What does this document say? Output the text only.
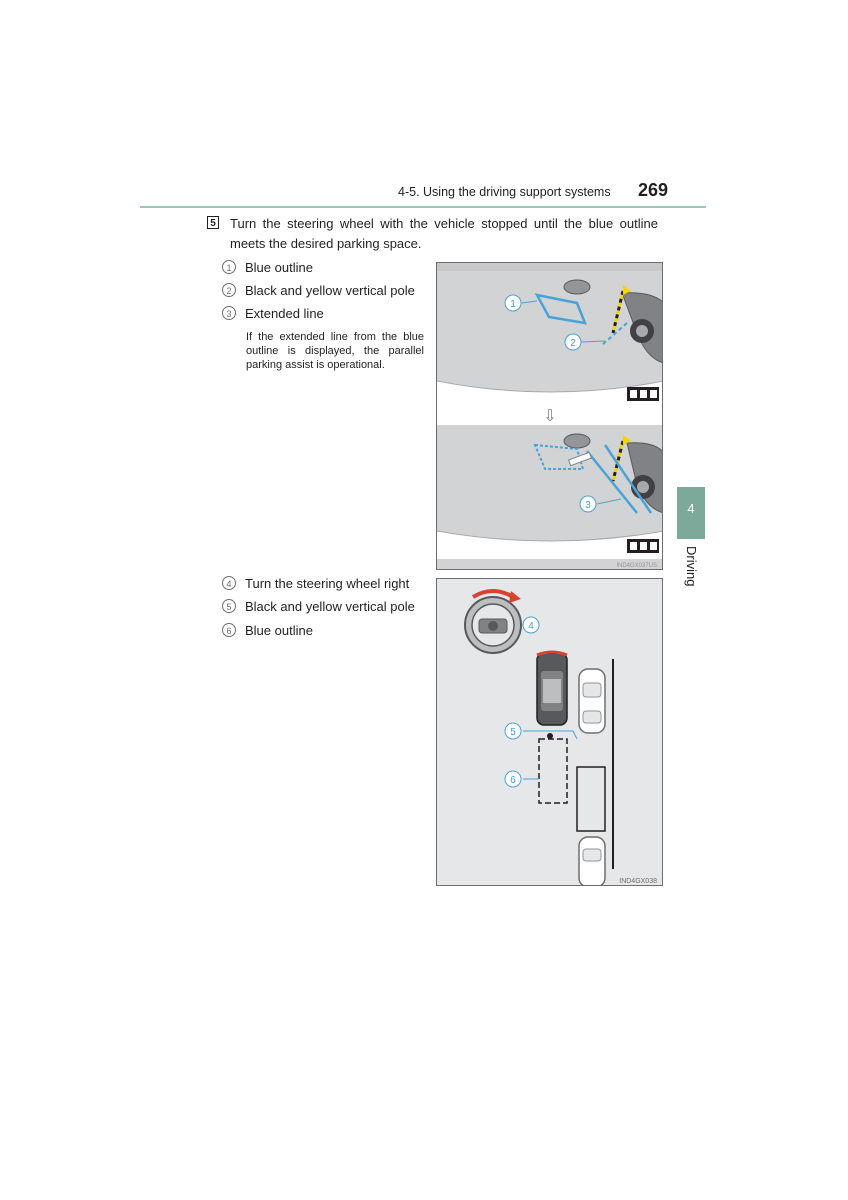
4-5. Using the driving support systems 269
5 Turn the steering wheel with the vehicle stopped until the blue outline meets the desired parking space.
1 Blue outline
2 Black and yellow vertical pole
3 Extended line
If the extended line from the blue outline is displayed, the parallel parking assist is operational.
4 Turn the steering wheel right
5 Black and yellow vertical pole
6 Blue outline
4
Driving
1
2
⇩
3
IND4GX037US
4
5
6
IND4GX038
